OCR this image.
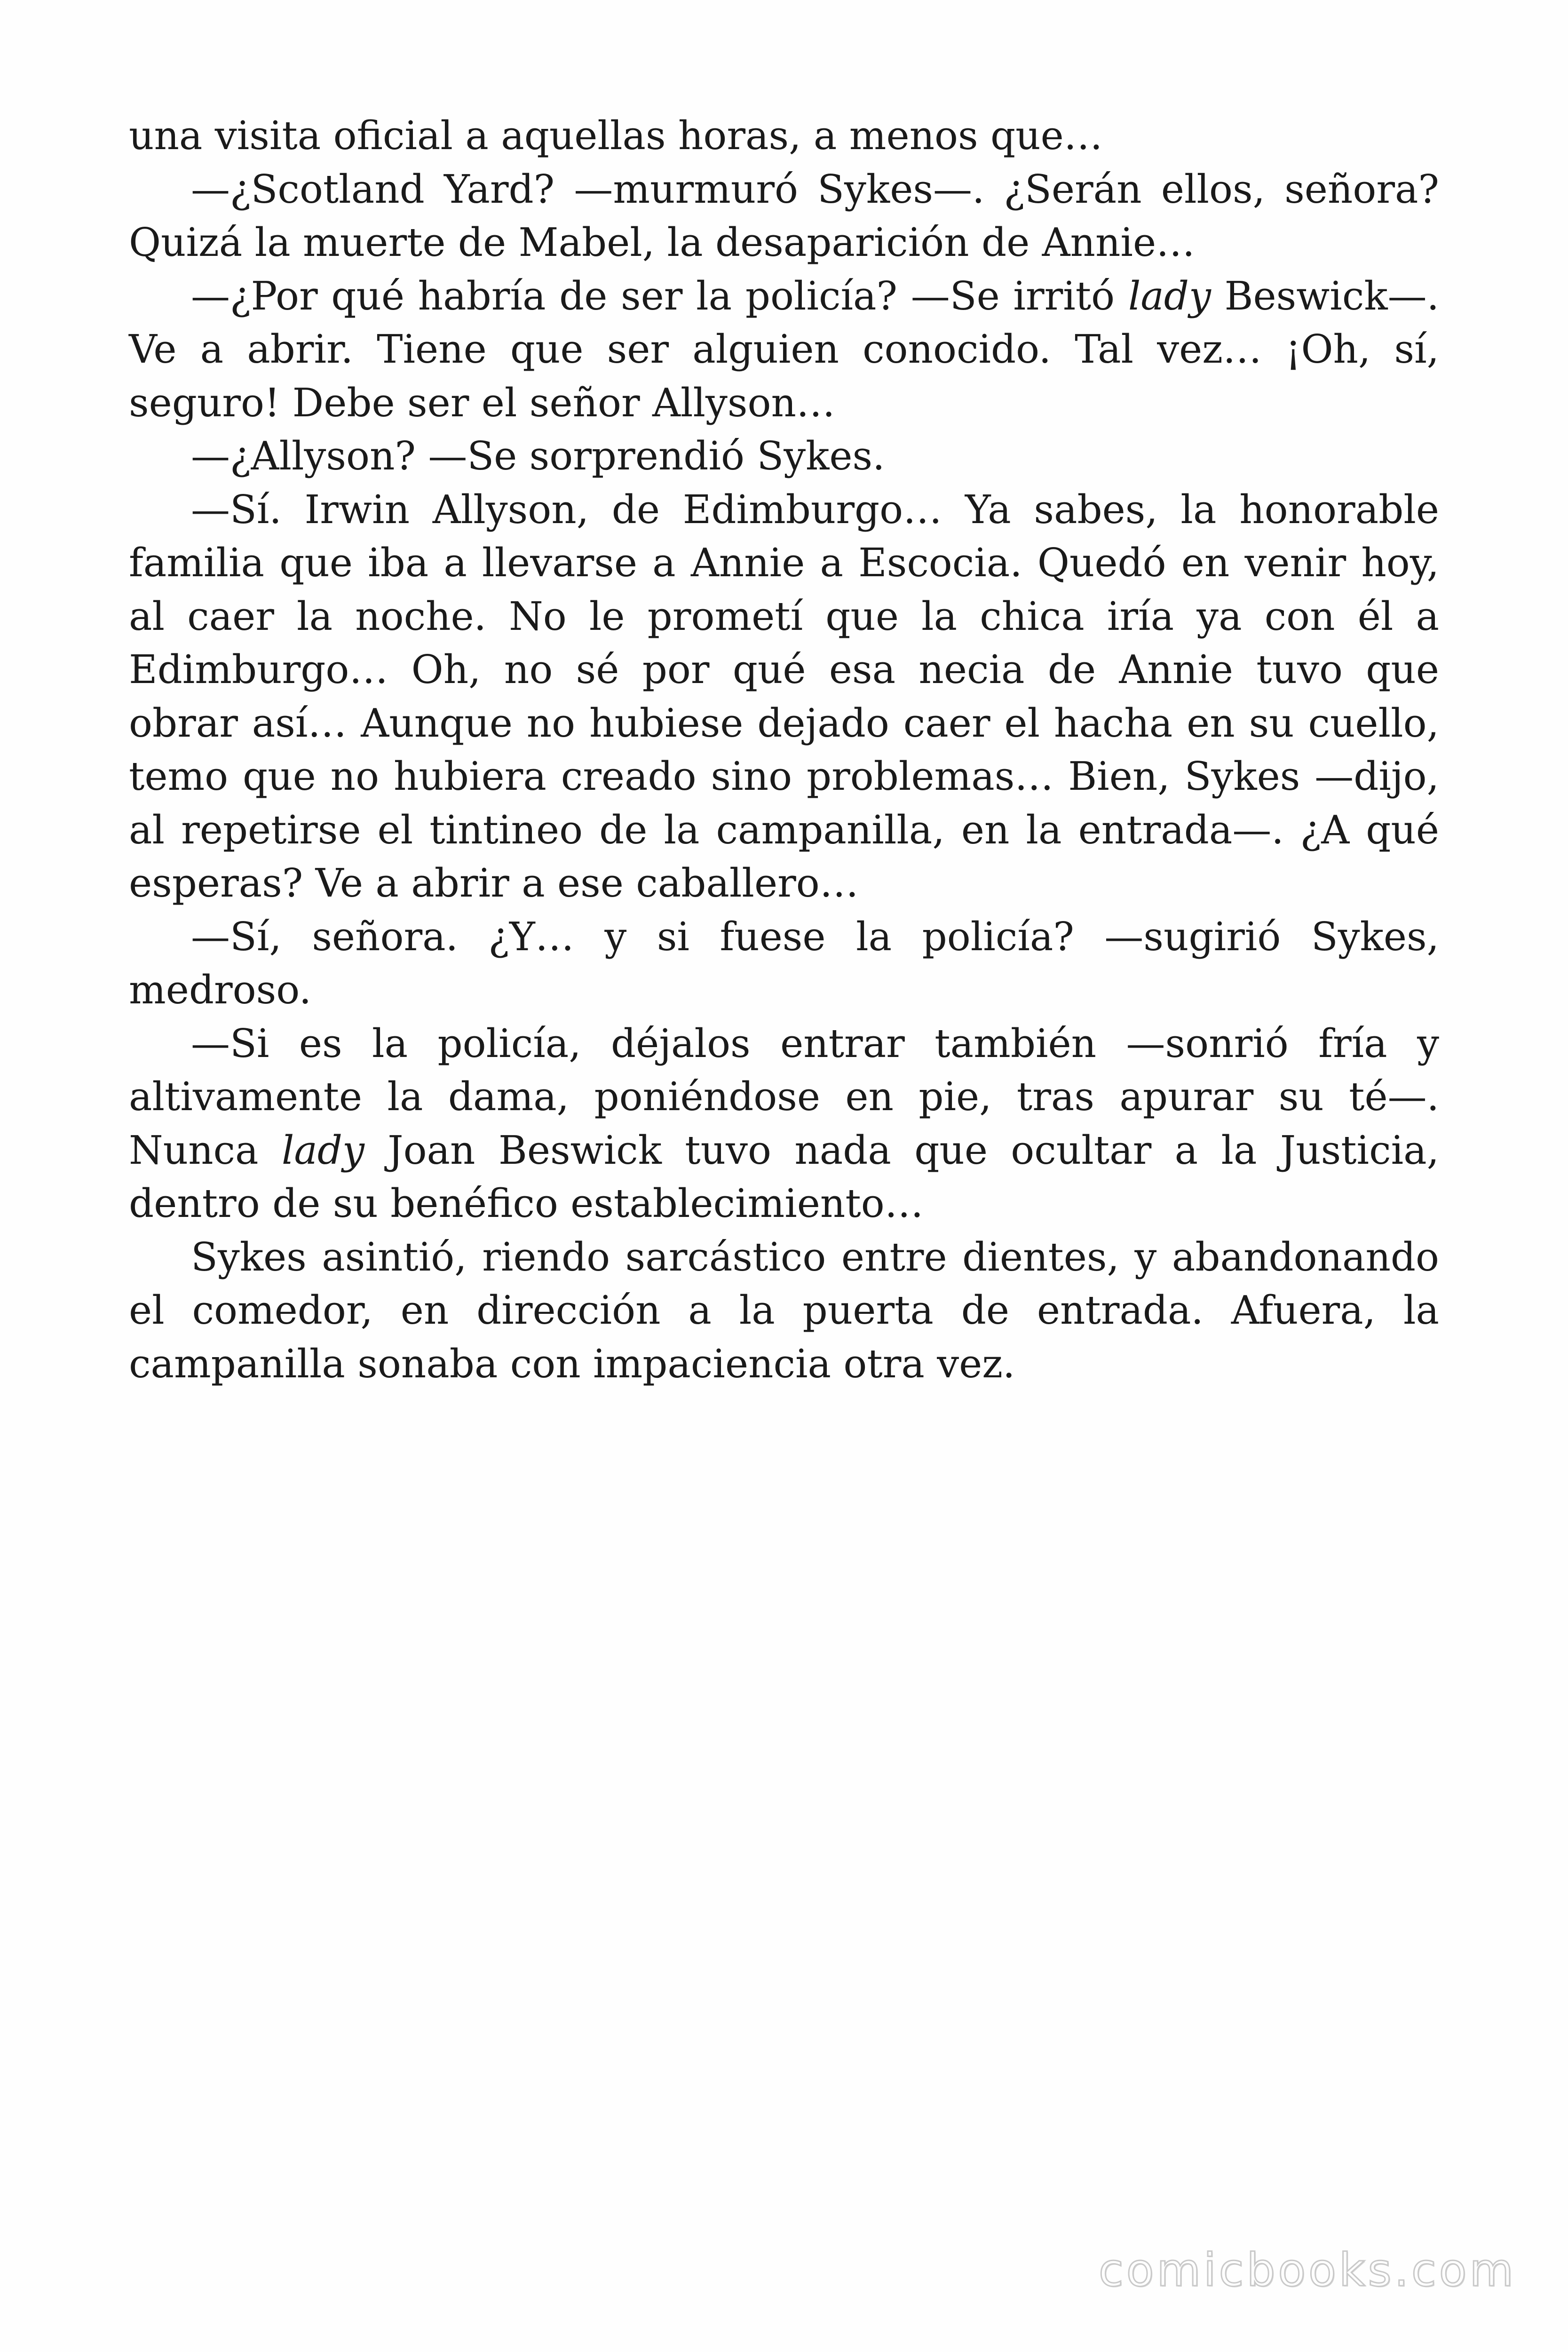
una visita oficial a aquellas horas, a menos que…

—¿Scotland Yard? —murmuró Sykes—. ¿Serán ellos, señora? Quizá la muerte de Mabel, la desaparición de Annie…

—¿Por qué habría de ser la policía? —Se irritó lady Beswick—. Ve a abrir. Tiene que ser alguien conocido. Tal vez… ¡Oh, sí, seguro! Debe ser el señor Allyson…

—¿Allyson? —Se sorprendió Sykes.

—Sí. Irwin Allyson, de Edimburgo… Ya sabes, la honorable familia que iba a llevarse a Annie a Escocia. Quedó en venir hoy, al caer la noche. No le prometí que la chica iría ya con él a Edimburgo… Oh, no sé por qué esa necia de Annie tuvo que obrar así… Aunque no hubiese dejado caer el hacha en su cuello, temo que no hubiera creado sino problemas… Bien, Sykes —dijo, al repetirse el tintineo de la campanilla, en la entrada—. ¿A qué esperas? Ve a abrir a ese caballero…

—Sí, señora. ¿Y… y si fuese la policía? —sugirió Sykes, medroso.

—Si es la policía, déjalos entrar también —sonrió fría y altivamente la dama, poniéndose en pie, tras apurar su té—. Nunca lady Joan Beswick tuvo nada que ocultar a la Justicia, dentro de su benéfico establecimiento…

Sykes asintió, riendo sarcástico entre dientes, y abandonando el comedor, en dirección a la puerta de entrada. Afuera, la campanilla sonaba con impaciencia otra vez.

comicbooks.com
